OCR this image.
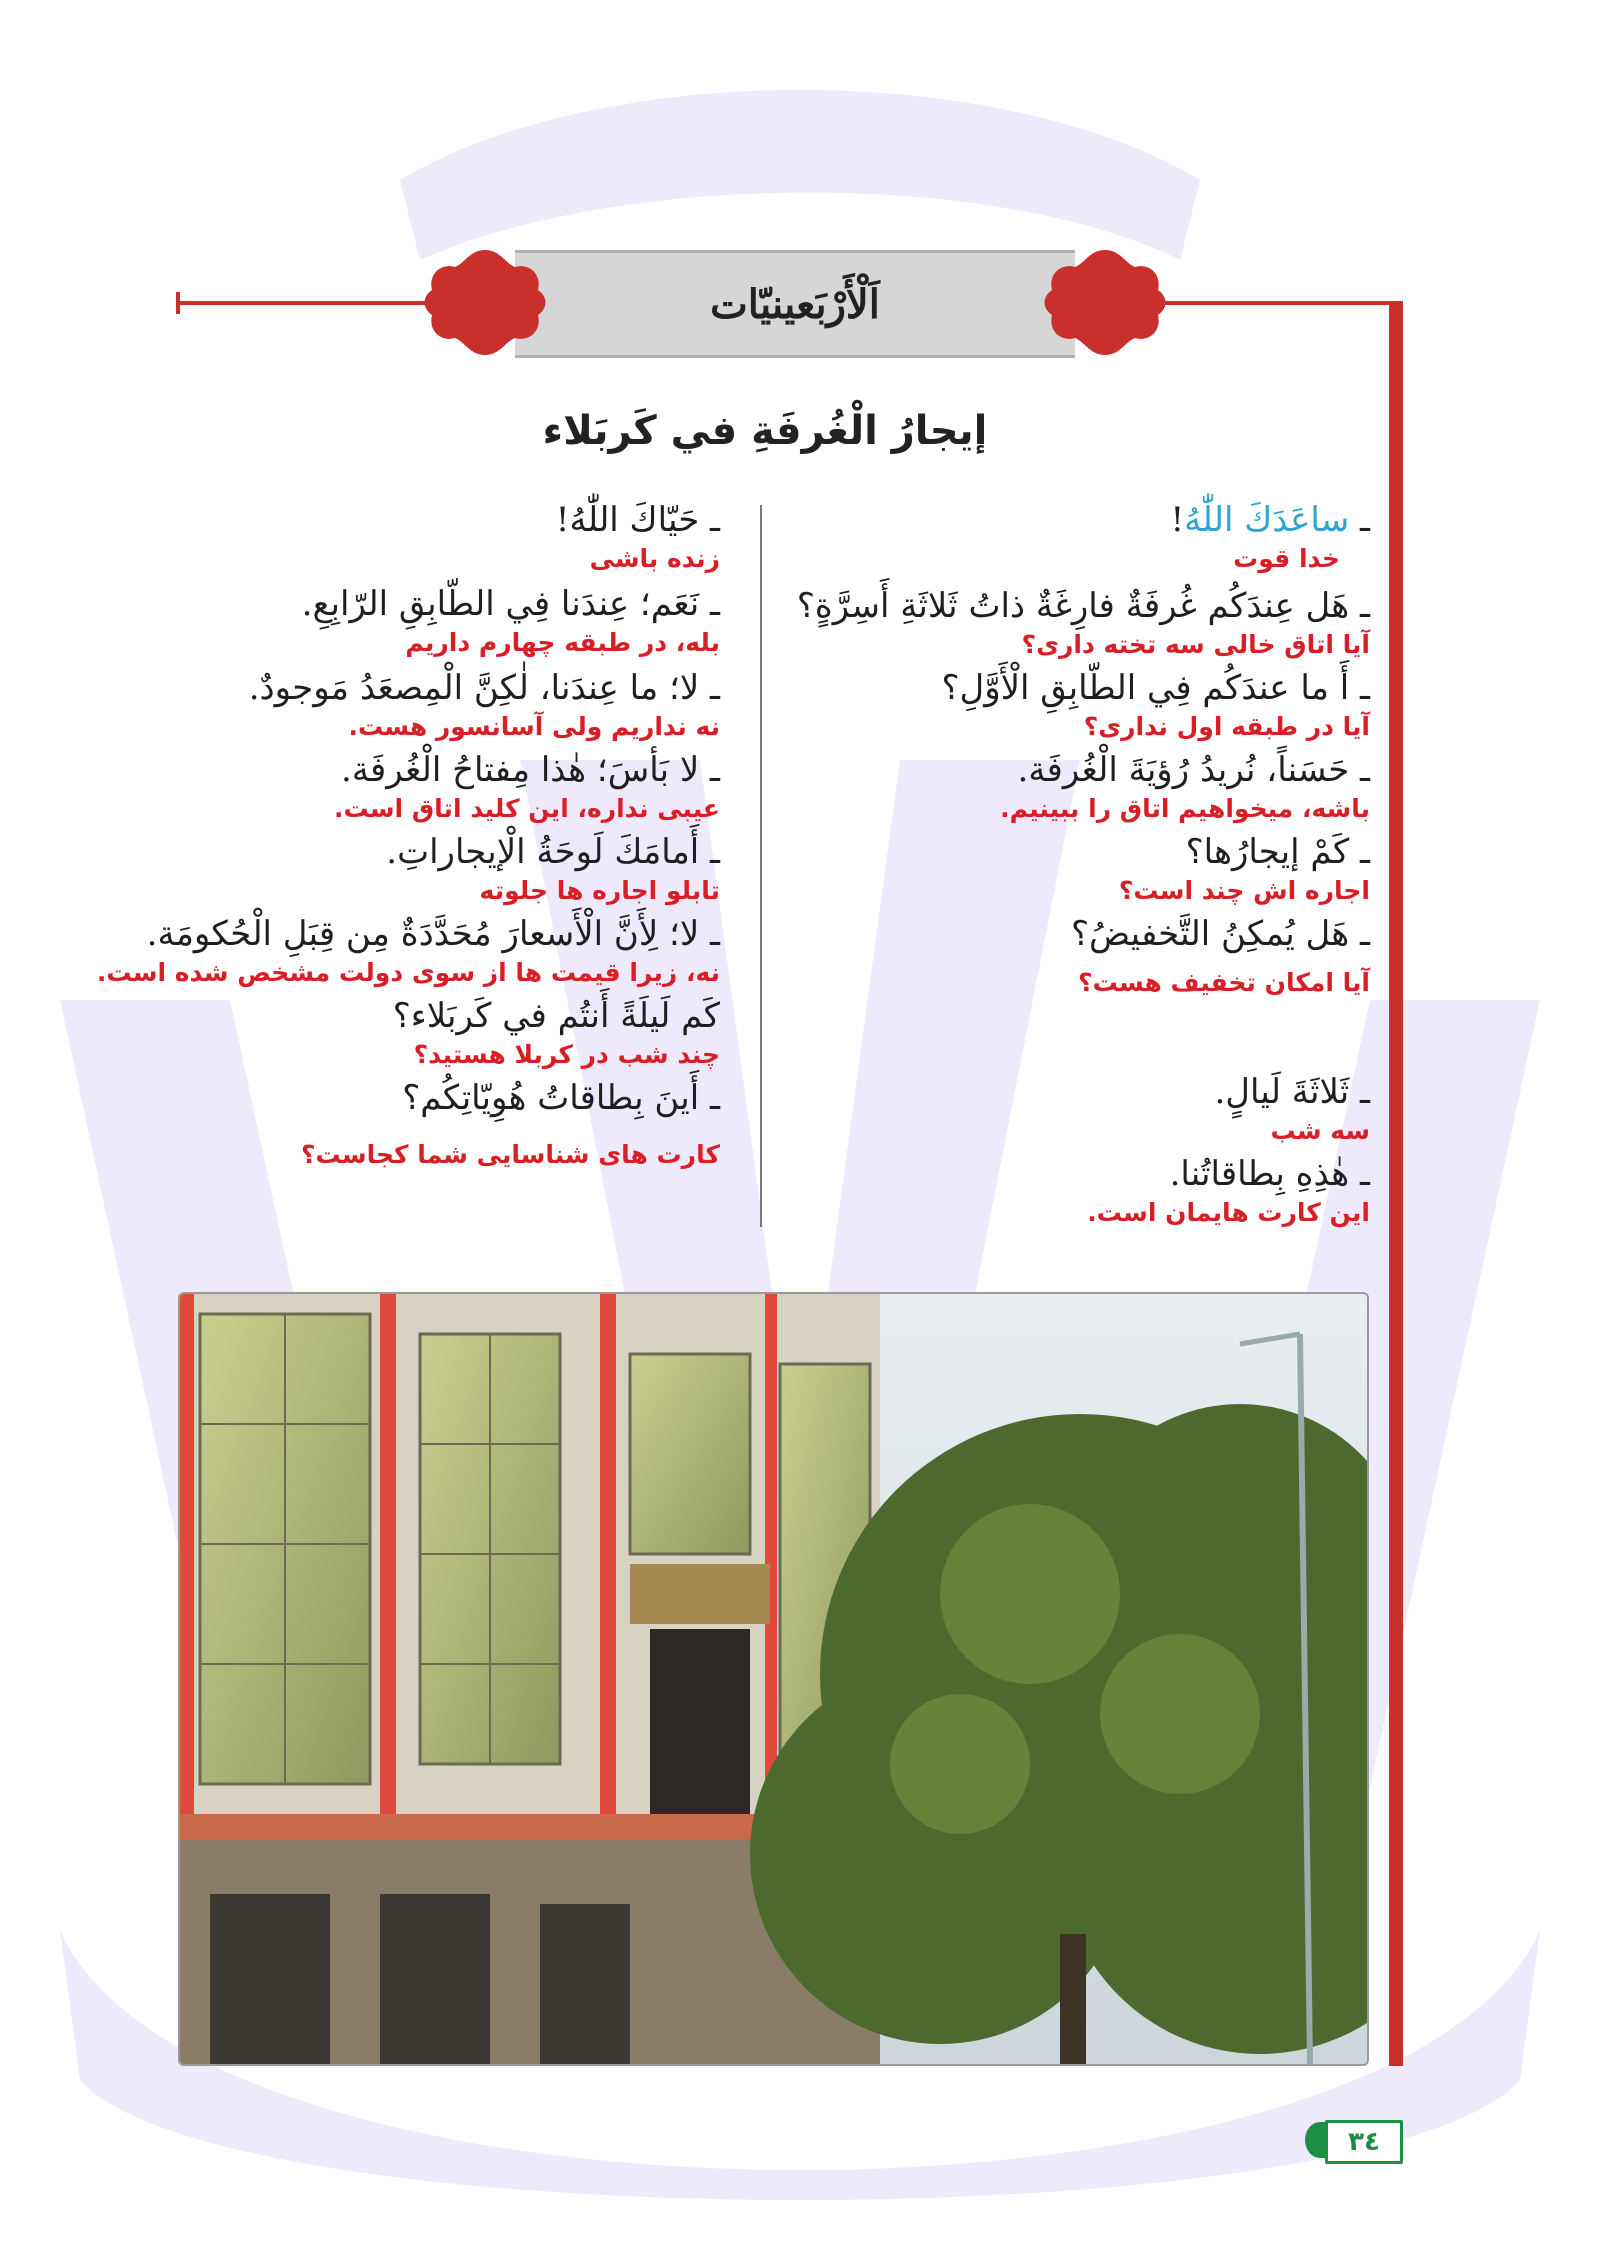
اَلْأَرْبَعینیّات
إيجارُ الْغُرفَةِ في كَربَلاء
ـ ساعَدَكَ اللّٰهُ!
خدا قوت
ـ هَل عِندَكُم غُرفَةٌ فارِغَةٌ ذاتُ ثَلاثَةِ أَسِرَّةٍ؟
آیا اتاق خالی سه تخته داری؟
ـ أَ ما عندَكُم فِي الطّابِقِ الْأَوَّلِ؟
آیا در طبقه اول نداری؟
ـ حَسَناً، نُريدُ رُؤيَةَ الْغُرفَة.
باشه، میخواهیم اتاق را ببینیم.
ـ كَمْ إيجارُها؟
اجاره اش چند است؟
ـ هَل يُمكِنُ التَّخفيضُ؟
آیا امکان تخفیف هست؟
ـ ثَلاثَةَ لَيالٍ.
سه شب
ـ هٰذِهِ بِطاقاتُنا.
این کارت هایمان است.
ـ حَيّاكَ اللّٰهُ!
زنده باشی
ـ نَعَم؛ عِندَنا فِي الطّابِقِ الرّابِعِ.
بله، در طبقه چهارم داریم
ـ لا؛ ما عِندَنا، لٰكِنَّ الْمِصعَدُ مَوجودٌ.
نه نداریم ولی آسانسور هست.
ـ لا بَأسَ؛ هٰذا مِفتاحُ الْغُرفَة.
عیبی نداره، این کلید اتاق است.
ـ أَمامَكَ لَوحَةُ الْإيجاراتِ.
تابلو اجاره ها جلوته
ـ لا؛ لِأَنَّ الْأَسعارَ مُحَدَّدَةٌ مِن قِبَلِ الْحُكومَة.
نه، زیرا قیمت ها از سوی دولت مشخص شده است.
كَم لَيلَةً أَنتُم في كَربَلاء؟
چند شب در کربلا هستید؟
ـ أَينَ بِطاقاتُ هُوِيّاتِكُم؟
کارت های شناسایی شما کجاست؟
۳٤
